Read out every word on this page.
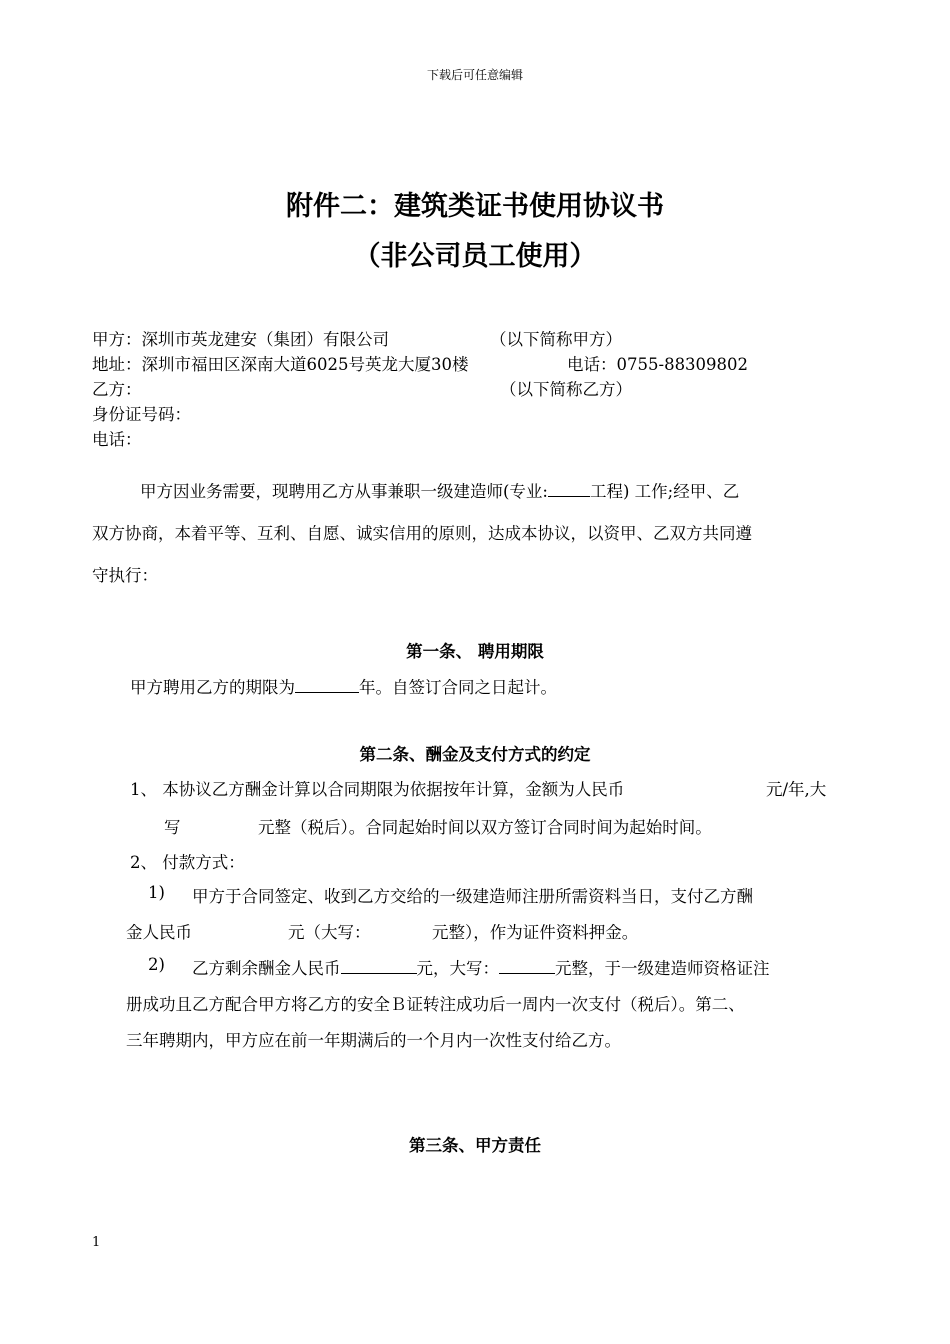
下载后可任意编辑
附件二：建筑类证书使用协议书
（非公司员工使用）
甲方：深圳市英龙建安（集团）有限公司	（以下简称甲方）
地址：深圳市福田区深南大道6025号英龙大厦30楼	电话：0755-88309802
乙方：	（以下简称乙方）
身份证号码：
电话：
甲方因业务需要，现聘用乙方从事兼职一级建造师(专业:	工程) 工作;经甲、乙
双方协商，本着平等、互利、自愿、诚实信用的原则，达成本协议，以资甲、乙双方共同遵
守执行：
第一条、 聘用期限
甲方聘用乙方的期限为	年。自签订合同之日起计。
第二条、酬金及支付方式的约定
1、 本协议乙方酬金计算以合同期限为依据按年计算，金额为人民币	元/年,大
写	元整（税后）。合同起始时间以双方签订合同时间为起始时间。
2、 付款方式：
1) 甲方于合同签定、收到乙方交给的一级建造师注册所需资料当日，支付乙方酬
金人民币	元（大写：	元整），作为证件资料押金。
2) 乙方剩余酬金人民币	元，大写：	元整，于一级建造师资格证注
册成功且乙方配合甲方将乙方的安全Ｂ证转注成功后一周内一次支付（税后）。第二、
三年聘期内，甲方应在前一年期满后的一个月内一次性支付给乙方。
第三条、甲方责任
1
